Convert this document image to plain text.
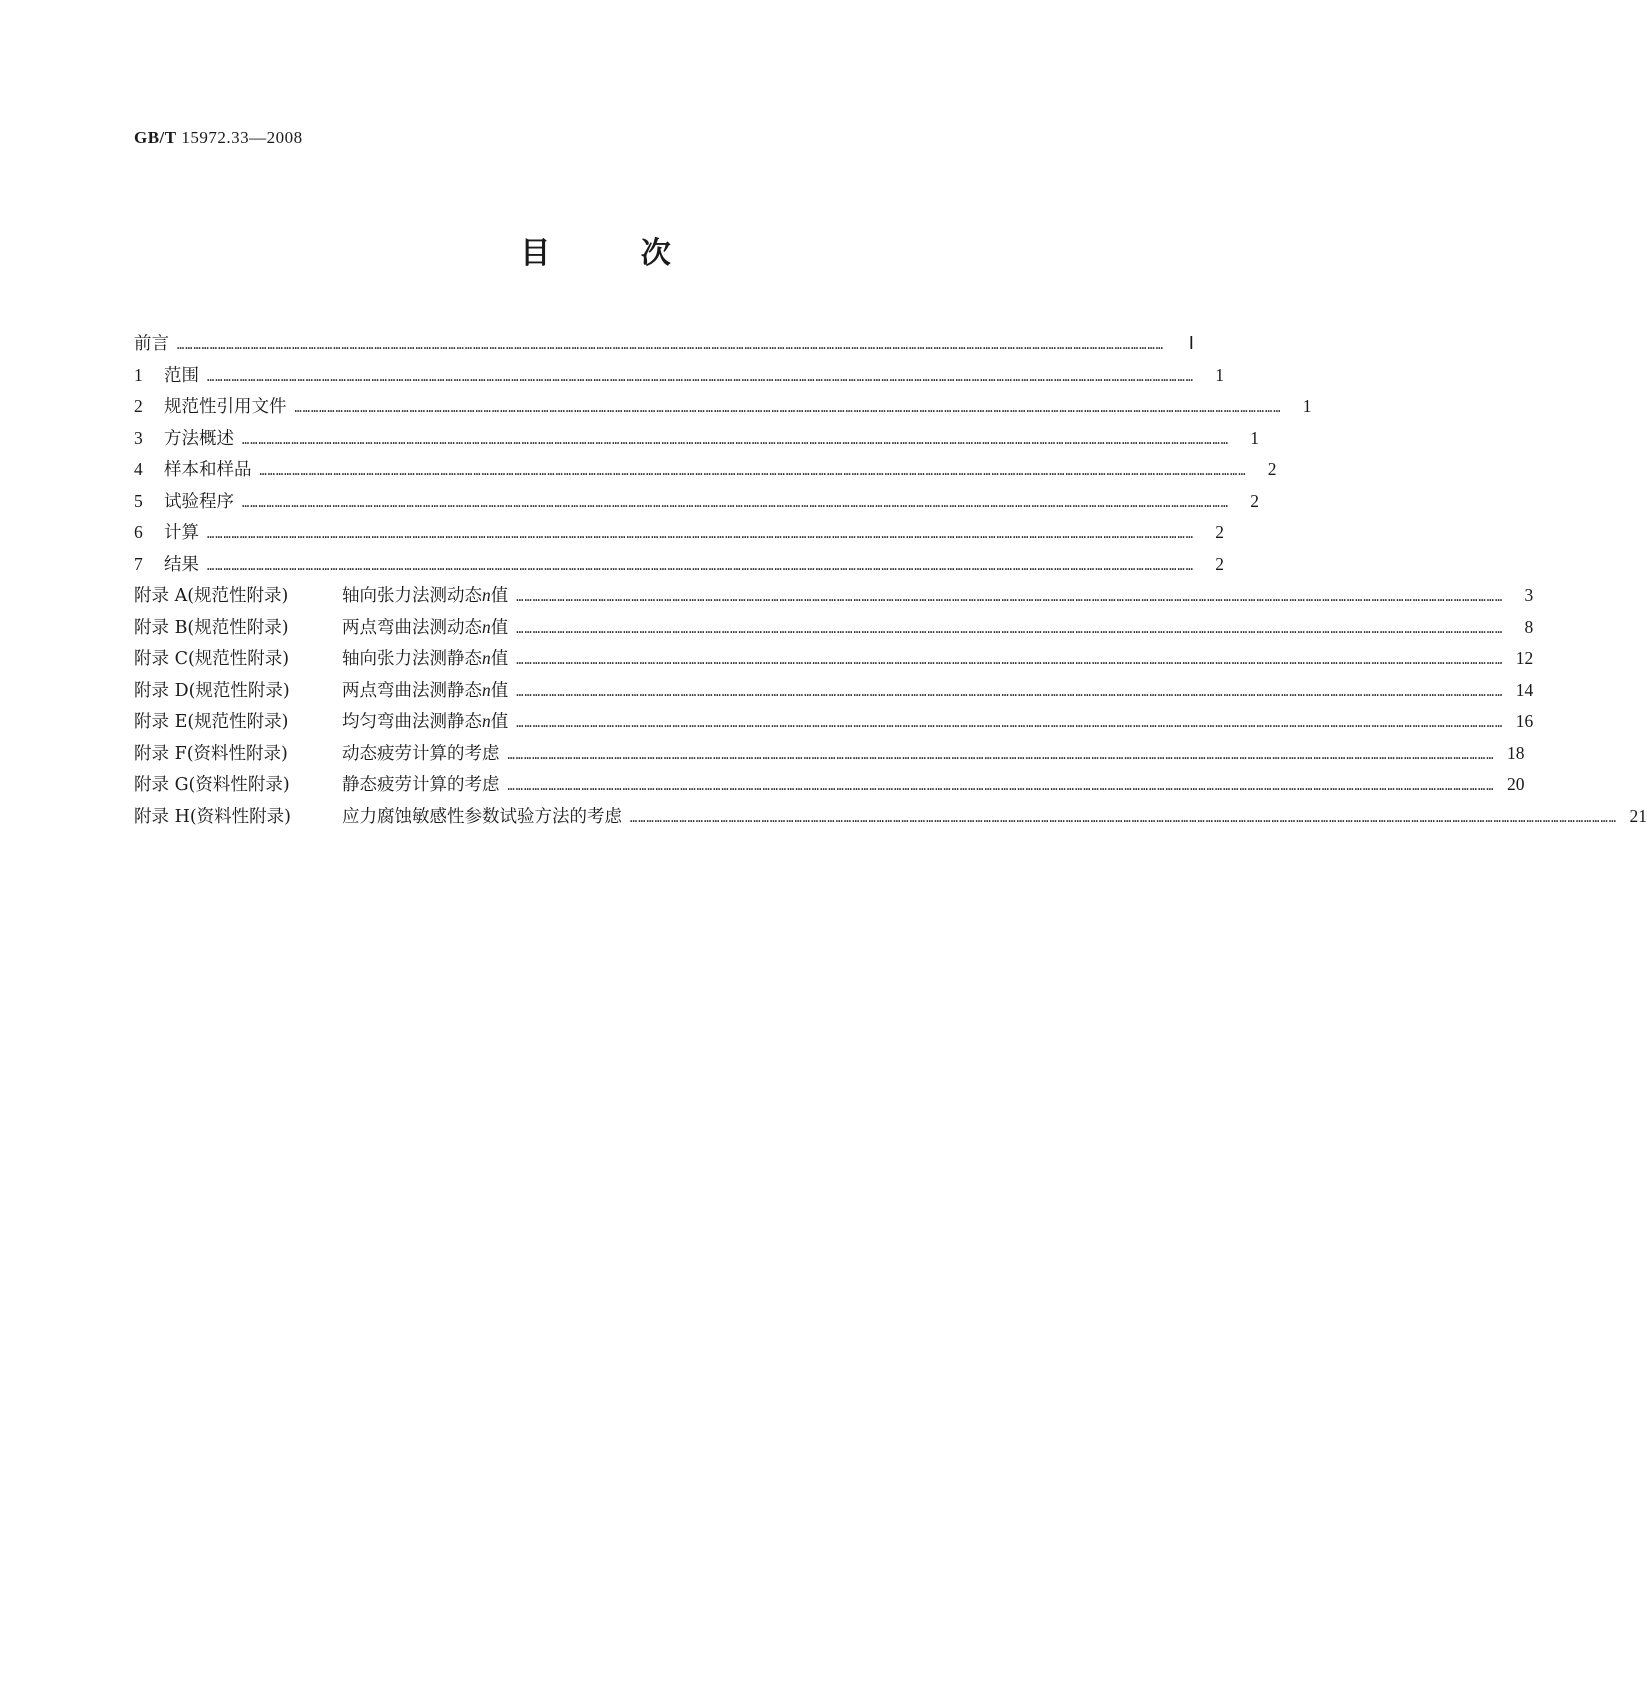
GB/T 15972.33—2008
目 次
前言 ………………………………………………………………………………………………………………………………………………………………………………………………………………………………………………………………………………………………………………………………	Ⅰ
1	范围 ………………………………………………………………………………………………………………………………………………………………………………………………………………………………………………………………………………………………………………………………	1
2	规范性引用文件 ………………………………………………………………………………………………………………………………………………………………………………………………………………………………………………………………………………………………………………………………	1
3	方法概述 ………………………………………………………………………………………………………………………………………………………………………………………………………………………………………………………………………………………………………………………………	1
4	样本和样品 ………………………………………………………………………………………………………………………………………………………………………………………………………………………………………………………………………………………………………………………………	2
5	试验程序 ………………………………………………………………………………………………………………………………………………………………………………………………………………………………………………………………………………………………………………………………	2
6	计算 ………………………………………………………………………………………………………………………………………………………………………………………………………………………………………………………………………………………………………………………………	2
7	结果 ………………………………………………………………………………………………………………………………………………………………………………………………………………………………………………………………………………………………………………………………	2
附录 A(规范性附录)	轴向张力法测动态n值 ………………………………………………………………………………………………………………………………………………………………………………………………………………………………………………………………………………………………………………………………	3
附录 B(规范性附录)	两点弯曲法测动态n值 ………………………………………………………………………………………………………………………………………………………………………………………………………………………………………………………………………………………………………………………………	8
附录 C(规范性附录)	轴向张力法测静态n值 ……………………………………………………………………………………………………………………………………………………………………………………………………………………………………………………………………………………………………………………………… 12
附录 D(规范性附录)	两点弯曲法测静态n值 ……………………………………………………………………………………………………………………………………………………………………………………………………………………………………………………………………………………………………………………………… 14
附录 E(规范性附录)	均匀弯曲法测静态n值 ……………………………………………………………………………………………………………………………………………………………………………………………………………………………………………………………………………………………………………………………… 16
附录 F(资料性附录)	动态疲劳计算的考虑 ……………………………………………………………………………………………………………………………………………………………………………………………………………………………………………………………………………………………………………………………… 18
附录 G(资料性附录)	静态疲劳计算的考虑 ……………………………………………………………………………………………………………………………………………………………………………………………………………………………………………………………………………………………………………………………… 20
附录 H(资料性附录)	应力腐蚀敏感性参数试验方法的考虑 ……………………………………………………………………………………………………………………………………………………………………………………………………………………………………………………………………………………………………………………………… 21
